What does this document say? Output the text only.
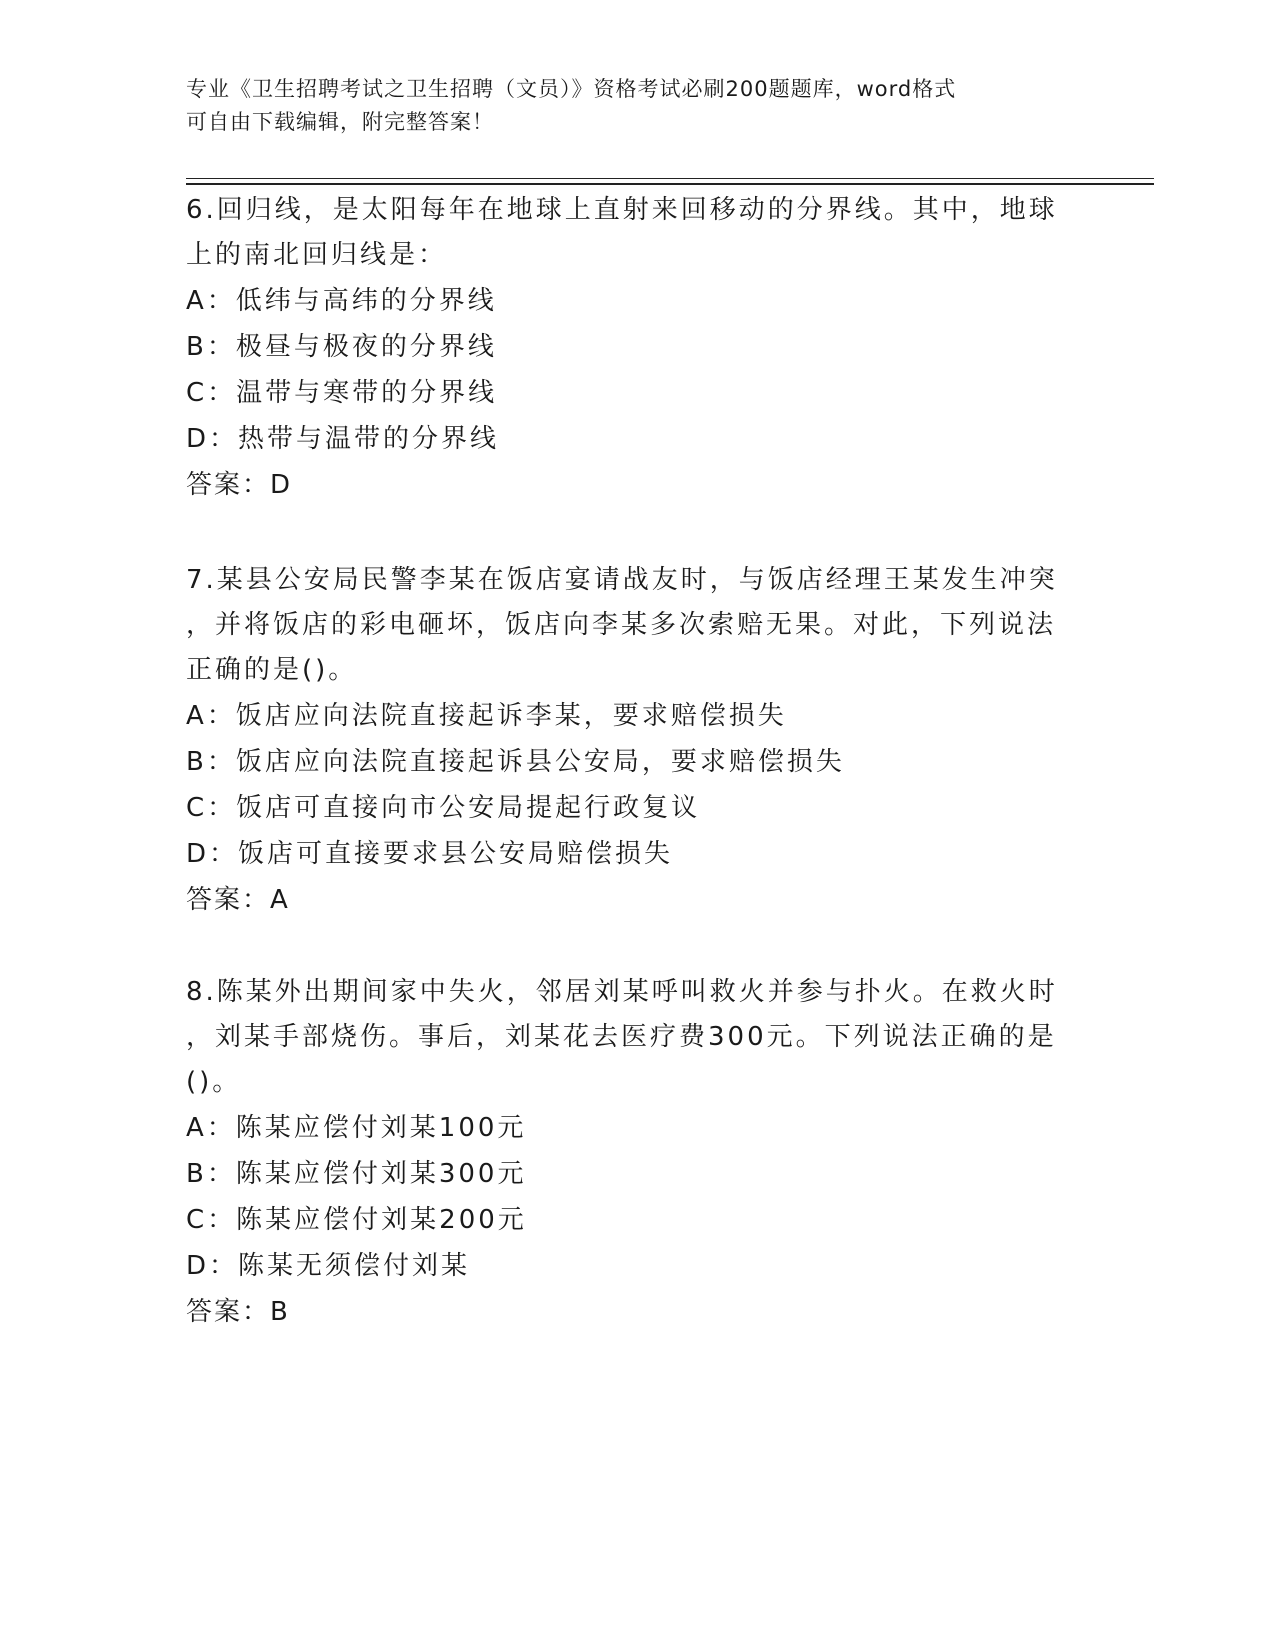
专业《卫生招聘考试之卫生招聘（文员）》资格考试必刷200题题库，word格式
可自由下载编辑，附完整答案！
6.回归线，是太阳每年在地球上直射来回移动的分界线。其中，地球
上的南北回归线是：
A：低纬与高纬的分界线
B：极昼与极夜的分界线
C：温带与寒带的分界线
D：热带与温带的分界线
答案：D
7.某县公安局民警李某在饭店宴请战友时，与饭店经理王某发生冲突
，并将饭店的彩电砸坏，饭店向李某多次索赔无果。对此，下列说法
正确的是()。
A：饭店应向法院直接起诉李某，要求赔偿损失
B：饭店应向法院直接起诉县公安局，要求赔偿损失
C：饭店可直接向市公安局提起行政复议
D：饭店可直接要求县公安局赔偿损失
答案：A
8.陈某外出期间家中失火，邻居刘某呼叫救火并参与扑火。在救火时
，刘某手部烧伤。事后，刘某花去医疗费300元。下列说法正确的是
()。
A：陈某应偿付刘某100元
B：陈某应偿付刘某300元
C：陈某应偿付刘某200元
D：陈某无须偿付刘某
答案：B
